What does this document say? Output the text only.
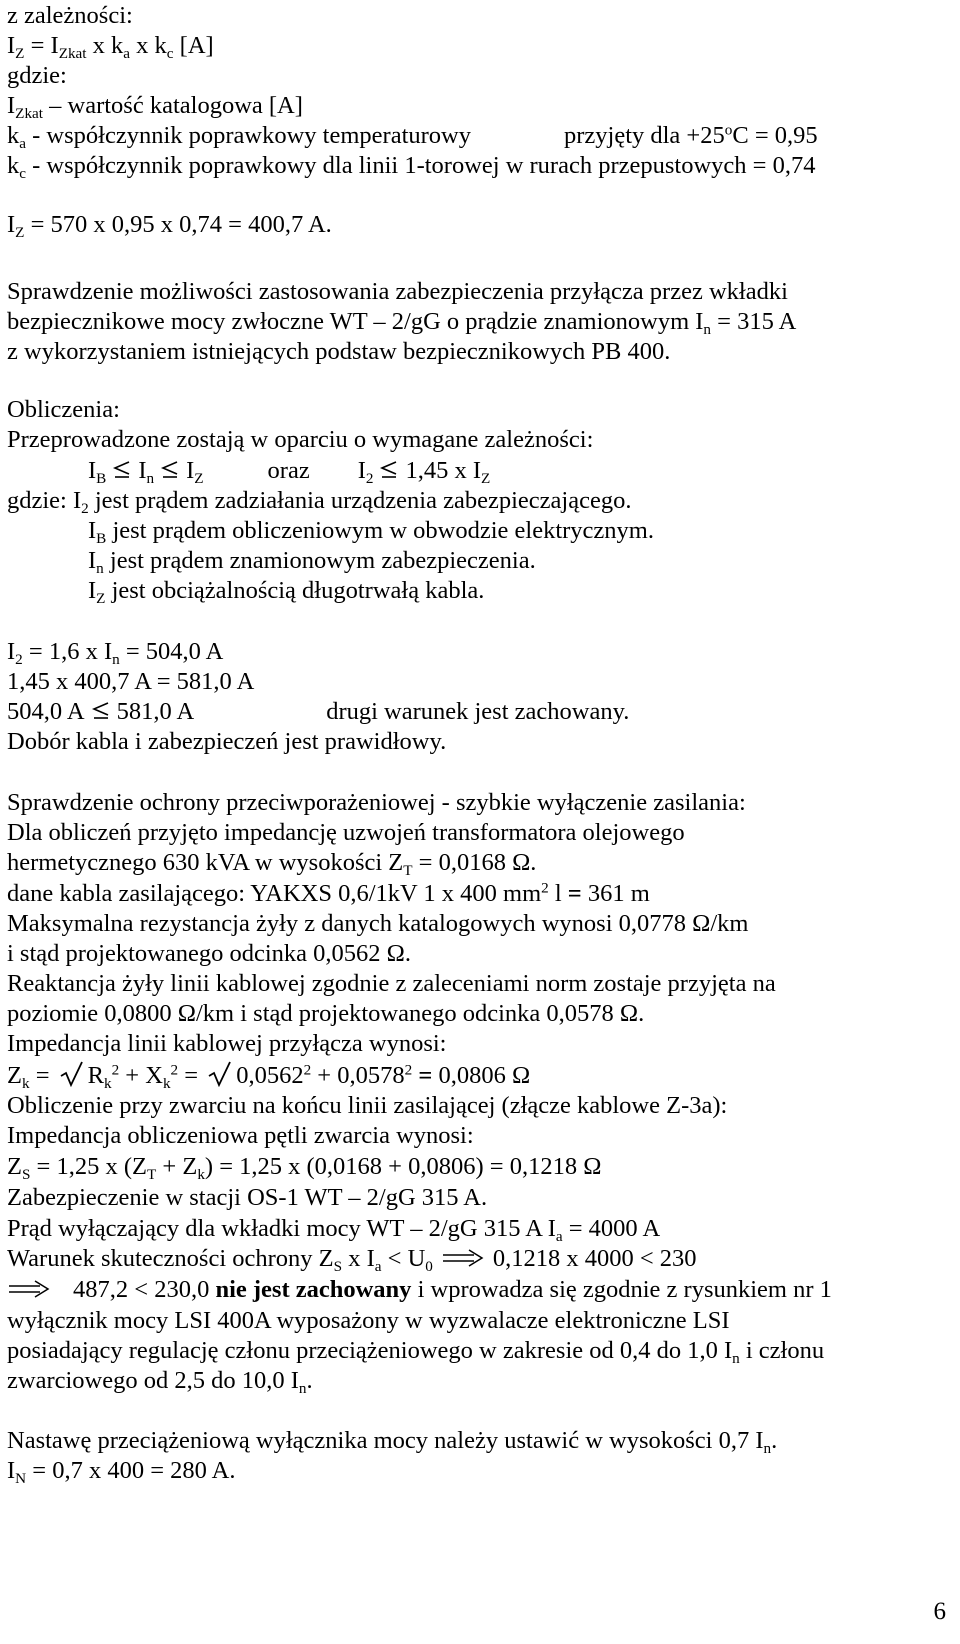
z zależności:
$I_Z = I_{Zkat}$ x $k_a$ x $k_c$ [A]
gdzie:
$I_{Zkat}$ – wartość katalogowa [A]
$k_a$ - współczynnik poprawkowy temperaturowy	przyjęty dla $+25^oC = 0,95$
$k_c$ - współczynnik poprawkowy dla linii 1-torowej w rurach przepustowych = 0,74
$I_Z = 570$ x 0,95 x 0,74 = 400,7 A.
Sprawdzenie możliwości zastosowania zabezpieczenia przyłącza przez wkładki
bezpiecznikowe mocy zwłoczne WT – 2/gG o prądzie znamionowym $I_n = 315$ A
z wykorzystaniem istniejących podstaw bezpiecznikowych PB 400.
Obliczenia:
Przeprowadzone zostają w oparciu o wymagane zależności:
$I_B$ $I_n$ $I_Z$	oraz $I_2$ 1,45 x $I_Z$
gdzie: $I_2$ jest prądem zadziałania urządzenia zabezpieczającego.
$I_B$ jest prądem obliczeniowym w obwodzie elektrycznym.
$I_n$ jest prądem znamionowym zabezpieczenia.
$I_Z$ jest obciążalnością długotrwałą kabla.
$I_2 = 1,6$ x $I_n = 504,0$ A
1,45 x 400,7 A = 581,0 A
504,0 A 581,0 A	drugi warunek jest zachowany.
Dobór kabla i zabezpieczeń jest prawidłowy.
Sprawdzenie ochrony przeciwporażeniowej - szybkie wyłączenie zasilania:
Dla obliczeń przyjęto impedancję uzwojeń transformatora olejowego
hermetycznego 630 kVA w wysokości $Z_T = 0,0168$ Ω.
dane kabla zasilającego: YAKXS 0,6/1kV 1 x 400 $mm^2$ l = 361 m
Maksymalna rezystancja żyły z danych katalogowych wynosi 0,0778 Ω/km
i stąd projektowanego odcinka 0,0562 Ω.
Reaktancja żyły linii kablowej zgodnie z zaleceniami norm zostaje przyjęta na
poziomie 0,0800 Ω/km i stąd projektowanego odcinka 0,0578 Ω.
Impedancja linii kablowej przyłącza wynosi:
$Z_k = R_k^2 + X_k^2 = 0,0562^2 + 0,0578^2 = 0,0806$ Ω
Obliczenie przy zwarciu na końcu linii zasilającej (złącze kablowe Z-3a):
Impedancja obliczeniowa pętli zwarcia wynosi:
$Z_S = 1,25$ x $(Z_T + Z_k) = 1,25$ x (0,0168 + 0,0806) = 0,1218 Ω
Zabezpieczenie w stacji OS-1 WT – 2/gG 315 A.
Prąd wyłączający dla wkładki mocy WT – 2/gG 315 A $I_a = 4000$ A
Warunek skuteczności ochrony $Z_S$ x $I_a < U_0$ 0,1218 x 4000 < 230
487,2 < 230,0 nie jest zachowany i wprowadza się zgodnie z rysunkiem nr 1
wyłącznik mocy LSI 400A wyposażony w wyzwalacze elektroniczne LSI
posiadający regulację członu przeciążeniowego w zakresie od 0,4 do 1,0 $I_n$ i członu
zwarciowego od 2,5 do 10,0 $I_n$.
Nastawę przeciążeniową wyłącznika mocy należy ustawić w wysokości 0,7 $I_n$.
$I_N = 0,7$ x 400 = 280 A.
6
